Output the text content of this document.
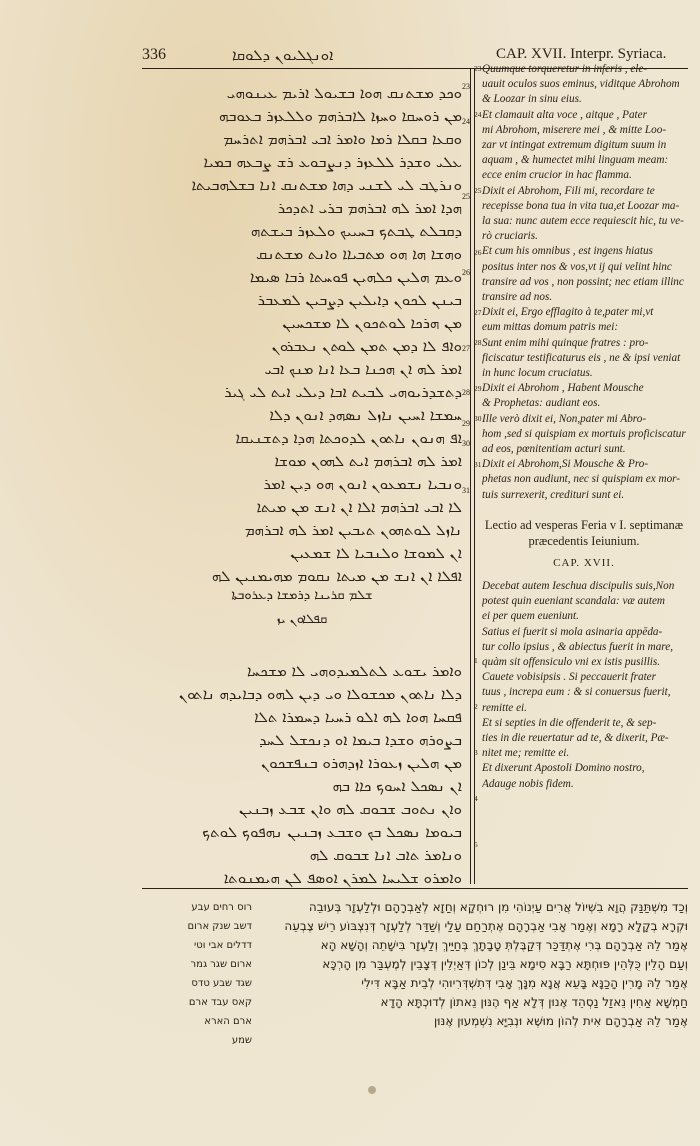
336	ܐܘܢܓܠܝܘܢ ܕܠܘܩܐ	CAP. XVII. Interpr. Syriaca.
ܘܟܕ ܡܫܬܢܩ ܗܘܐ ܒܫܝܘܠ ܐܪܝܡ ܥܝܢܘܗܝ
ܡܢ ܪܘܚܩܐ ܘܚܙܐ ܠܐܒܪܗܡ ܘܠܠܥܙܪ ܒܥܘܒܗ
ܘܩܥܐ ܒܩܠܐ ܪܡܐ ܘܐܡܪ ܐܒܝ ܐܒܪܗܡ ܐܬܪܚܡ
ܥܠܝ ܘܫܕܪ ܠܠܥܙܪ ܕܢܨܒܘܥ ܪܫ ܨܒܥܗ ܒܡܝܐ
ܘܢܪܛܒ ܠܝ ܠܫܢܝ ܕܗܐ ܡܫܬܢܩ ܐܢܐ ܒܫܠܗܒܝܬܐ
ܗܕܐ ܐܡܪ ܠܗ ܐܒܪܗܡ ܒܪܝ ܐܬܕܟܪ
ܕܩܒܠܬ ܛܒܬܟ ܒܚܝܝܟ ܘܠܥܙܪ ܒܝܫܬܗ
ܘܗܫܐ ܗܐ ܗܘ ܡܬܒܝܐܐ ܘܐܢܬ ܡܫܬܢܩ
ܘܥܡ ܗܠܝܢ ܟܠܗܝܢ ܦܘܚܬܐ ܪܒܐ ܣܝܡܐ
ܒܝܢܢ ܠܟܘܢ ܕܐܝܠܝܢ ܕܨܒܝܢ ܠܡܥܒܪ
ܡܢ ܗܪܟܐ ܠܘܬܟܘܢ ܠܐ ܡܫܟܚܝܢ
ܘܐܦ ܠܐ ܕܡܢ ܬܡܢ ܠܘܬܢ ܢܥܒܪܘܢ
ܐܡܪ ܠܗ ܐܢ ܗܟܢܐ ܒܥܐ ܐܢܐ ܡܢܟ ܐܒܝ
ܕܬܫܕܪܝܘܗܝ ܠܒܝܬ ܐܒܐ ܕܝܠܝ ܐܝܬ ܠܝ ܓܝܪ
ܚܡܫܐ ܐܚܝܢ ܢܐܙܠ ܢܣܗܕ ܐܢܘܢ ܕܠܐ
ܐܦ ܗܢܘܢ ܢܐܬܘܢ ܠܕܘܟܬܐ ܗܕܐ ܕܬܫܢܝܩܐ
ܐܡܪ ܠܗ ܐܒܪܗܡ ܐܝܬ ܠܗܘܢ ܡܘܫܐ
ܘܢܒܝܐ ܢܫܡܥܘܢ ܐܢܘܢ ܗܘ ܕܝܢ ܐܡܪ
ܠܐ ܐܒܝ ܐܒܪܗܡ ܐܠܐ ܐܢ ܐܢܫ ܡܢ ܡܝܬܐ
ܢܐܙܠ ܠܘܬܗܘܢ ܬܝܒܝܢ ܐܡܪ ܠܗ ܐܒܪܗܡ
ܐܢ ܠܡܘܫܐ ܘܠܢܒܝܐ ܠܐ ܫܡܥܝܢ
ܐܦܠܐ ܐܢ ܐܢܫ ܡܢ ܡܝܬܐ ܢܩܘܡ ܡܗܝܡܢܝܢ ܠܗ
23
24
25
26
27
28
29
30
31
ܫܠܡ ܩܪܝܢܐ ܕܪܡܫܐ ܕܥܪܘܒܬܐ
ܩܦܠܐܘܢ ܝܙ
ܘܐܡܪ ܝܫܘܥ ܠܬܠܡܝܕܘܗܝ ܠܐ ܡܫܟܚܐ
ܕܠܐ ܢܐܬܘܢ ܡܟܫܘܠܐ ܘܝ ܕܝܢ ܠܗܘ ܕܒܐܝܕܗ ܢܐܬܘܢ
ܦܩܚܐ ܗܘܐ ܠܗ ܐܠܘ ܪܚܝܐ ܕܚܡܪܐ ܬܠܐ
ܒܨܘܪܗ ܘܫܕܐ ܒܝܡܐ ܐܘ ܕܢܟܫܠ ܠܚܕ
ܡܢ ܗܠܝܢ ܙܥܘܪܐ ܐܙܕܗܪܘ ܒܢܦܫܟܘܢ
ܐܢ ܢܣܟܠ ܐܚܘܟ ܟܐܐ ܒܗ
ܘܐܢ ܢܬܘܒ ܫܒܘܩ ܠܗ ܘܐܢ ܫܒܥ ܙܒܢܝܢ
ܒܝܘܡܐ ܢܣܟܠ ܒܟ ܘܫܒܥ ܙܒܢܝܢ ܢܗܦܘܟ ܠܘܬܟ
ܘܢܐܡܪ ܬܐܒ ܐܢܐ ܫܒܘܩ ܠܗ
ܘܐܡܪܘ ܫܠܝܚܐ ܠܡܪܢ ܐܘܤܦ ܠܢ ܗܝܡܢܘܬܐ
Quumque torqueretur in inferis , ele-
uauit oculos suos eminus, viditque Abrohom
& Loozar in sinu eius.
Et clamauit alta voce , aitque , Pater
mi Abrohom, miserere mei , & mitte Loo-
zar vt intingat extremum digitum suum in
aquam , & humectet mihi linguam meam:
ecce enim crucior in hac flamma.
Dixit ei Abrohom, Fili mi, recordare te
recepisse bona tua in vita tua,et Loozar ma-
la sua: nunc autem ecce requiescit hic, tu ve-
rò cruciaris.
Et cum his omnibus , est ingens hiatus
positus inter nos & vos,vt ij qui velint hinc
transire ad vos , non possint; nec etiam illinc
transire ad nos.
Dixit ei, Ergo efflagito à te,pater mi,vt
eum mittas domum patris mei:
Sunt enim mihi quinque fratres : pro-
ficiscatur testificaturus eis , ne & ipsi veniat
in hunc locum cruciatus.
Dixit ei Abrohom , Habent Mousche
& Prophetas: audiant eos.
Ille verò dixit ei, Non,pater mi Abro-
hom ,sed si quispiam ex mortuis proficiscatur
ad eos, pœnitentiam acturi sunt.
Dixit ei Abrohom,Si Mousche & Pro-
phetas non audiunt, nec si quispiam ex mor-
tuis surrexerit, credituri sunt ei.
Lectio ad vesperas Feria v I. septimanæ præcedentis Ieiunium.
CAP. XVII.
Decebat autem Ieschua discipulis suis,Non
potest quin eueniant scandala: væ autem
ei per quem eueniunt.
Satius ei fuerit si mola asinaria appēda-
tur collo ipsius , & abiectus fuerit in mare,
quàm sit offensiculo vni ex istis pusillis.
Cauete vobisipsis . Si peccauerit frater
tuus , increpa eum : & si conuersus fuerit,
remitte ei.
Et si septies in die offenderit te, & sep-
ties in die reuertatur ad te, & dixerit, Pæ-
nitet me; remitte ei.
Et dixerunt Apostoli Domino nostro,
Adauge nobis fidem.
23
24
25
26
27
28
29
30
31
1
2
3
4
5
וְכַד מִשְׁתַּנַּק הֲוָא בִשְׁיוֹל אֲרִים עַיְנוֹהִי מִן רוּחְקָא וְחַזָא לְאַבְרָהָם וּלְלַעְזָר בְּעוּבֵה
וּקְרָא בְקָלָא רָמָא וְאֶמַר אָבִי אַבְרָהָם אֶתְרַחַם עַלַי וְשַׁדַּר לְלַעְזָר דְּנִצְבּוֹע רֵישׁ צֶבְעֵה
אֶמַר לֵהּ אַבְרָהָם בְּרִי אֶתְדַּכַּר דְּקַבֶּלְתְּ טָבָתָךְ בְּחַיַּיךְ וְלַעְזָר בִּישָׁתֵה וְהָשָׁא הָא
וְעַם הָלֵין כֻּלְּהֵין פּוּחְתָּא רַבָּא סִימָא בֵּינַן לְכוֹן דְּאַיְלֵין דְּצָבֵין לְמֶעְבַּר מִן הָרְכָּא
אֶמַר לֵהּ מָרִין הָכַנָּא בָּעֵא אֲנָא מִנָּךְ אָבִי דְּתִשְׁדְּרִיוּהִי לְבֵית אַבָּא דִּילִי
חַמְשָׁא אַחִין נֵאזַל נַסְהֵד אֶנוּן דְּלָא אַף הֶנּוּן נֵאתוֹן לְדוּכְתָּא הָדָא
אֶמַר לֵהּ אַבְרָהָם אִית לְהוֹן מוּשֶׁא וּנְבִיָּא נִשְׁמְעוּן אֶנּוּן
רוס רחים עבע
דשב שנק ארום
דדלים אבי וטי
ארום שגר גמר
שגד שבע טדס
קאס עבד ארם
ארם הארא
שמע
